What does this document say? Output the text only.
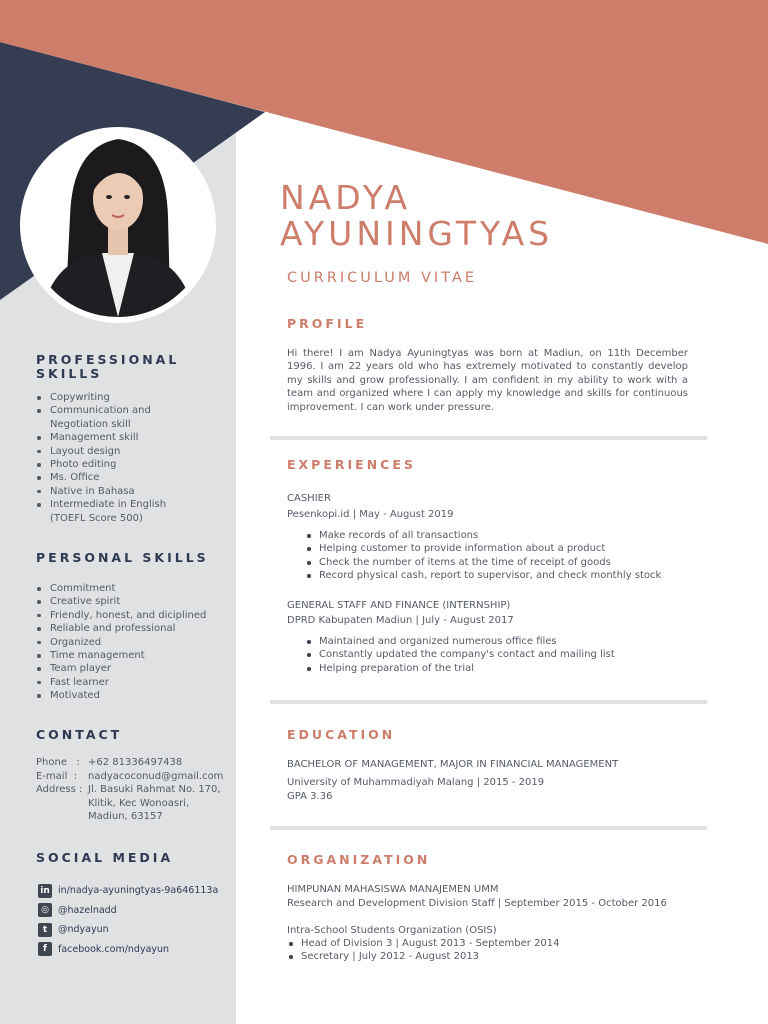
PROFESSIONAL SKILLS
Copywriting
Communication and Negotiation skill
Management skill
Layout design
Photo editing
Ms. Office
Native in Bahasa
Intermediate in English (TOEFL Score 500)
PERSONAL SKILLS
Commitment
Creative spirit
Friendly, honest, and diciplined
Reliable and professional
Organized
Time management
Team player
Fast learner
Motivated
CONTACT
Phone   : +62 81336497438
E-mail  : nadyacoconud@gmail.com
Address : Jl. Basuki Rahmat No. 170, Klitik, Kec Wonoasri, Madiun, 63157
SOCIAL MEDIA
in in/nadya-ayuningtyas-9a646113a
◎ @hazelnadd
t	@ndyayun
f	facebook.com/ndyayun
NADYA
AYUNINGTYAS
CURRICULUM VITAE
PROFILE
Hi there! I am Nadya Ayuningtyas was born at Madiun, on 11th December 1996. I am 22 years old who has extremely motivated to constantly develop my skills and grow professionally. I am confident in my ability to work with a team and organized where I can apply my knowledge and skills for continuous improvement. I can work under pressure.
EXPERIENCES
CASHIER
Pesenkopi.id | May - August 2019
Make records of all transactions
Helping customer to provide information about a product
Check the number of items at the time of receipt of goods
Record physical cash, report to supervisor, and check monthly stock
GENERAL STAFF AND FINANCE (INTERNSHIP)
DPRD Kabupaten Madiun | July - August 2017
Maintained and organized numerous office files
Constantly updated the company's contact and mailing list
Helping preparation of the trial
EDUCATION
BACHELOR OF MANAGEMENT, MAJOR IN FINANCIAL MANAGEMENT
University of Muhammadiyah Malang | 2015 - 2019
GPA 3.36
ORGANIZATION
HIMPUNAN MAHASISWA MANAJEMEN UMM
Research and Development Division Staff | September 2015 - October 2016
Intra-School Students Organization (OSIS)
Head of Division 3 | August 2013 - September 2014
Secretary | July 2012 - August 2013
